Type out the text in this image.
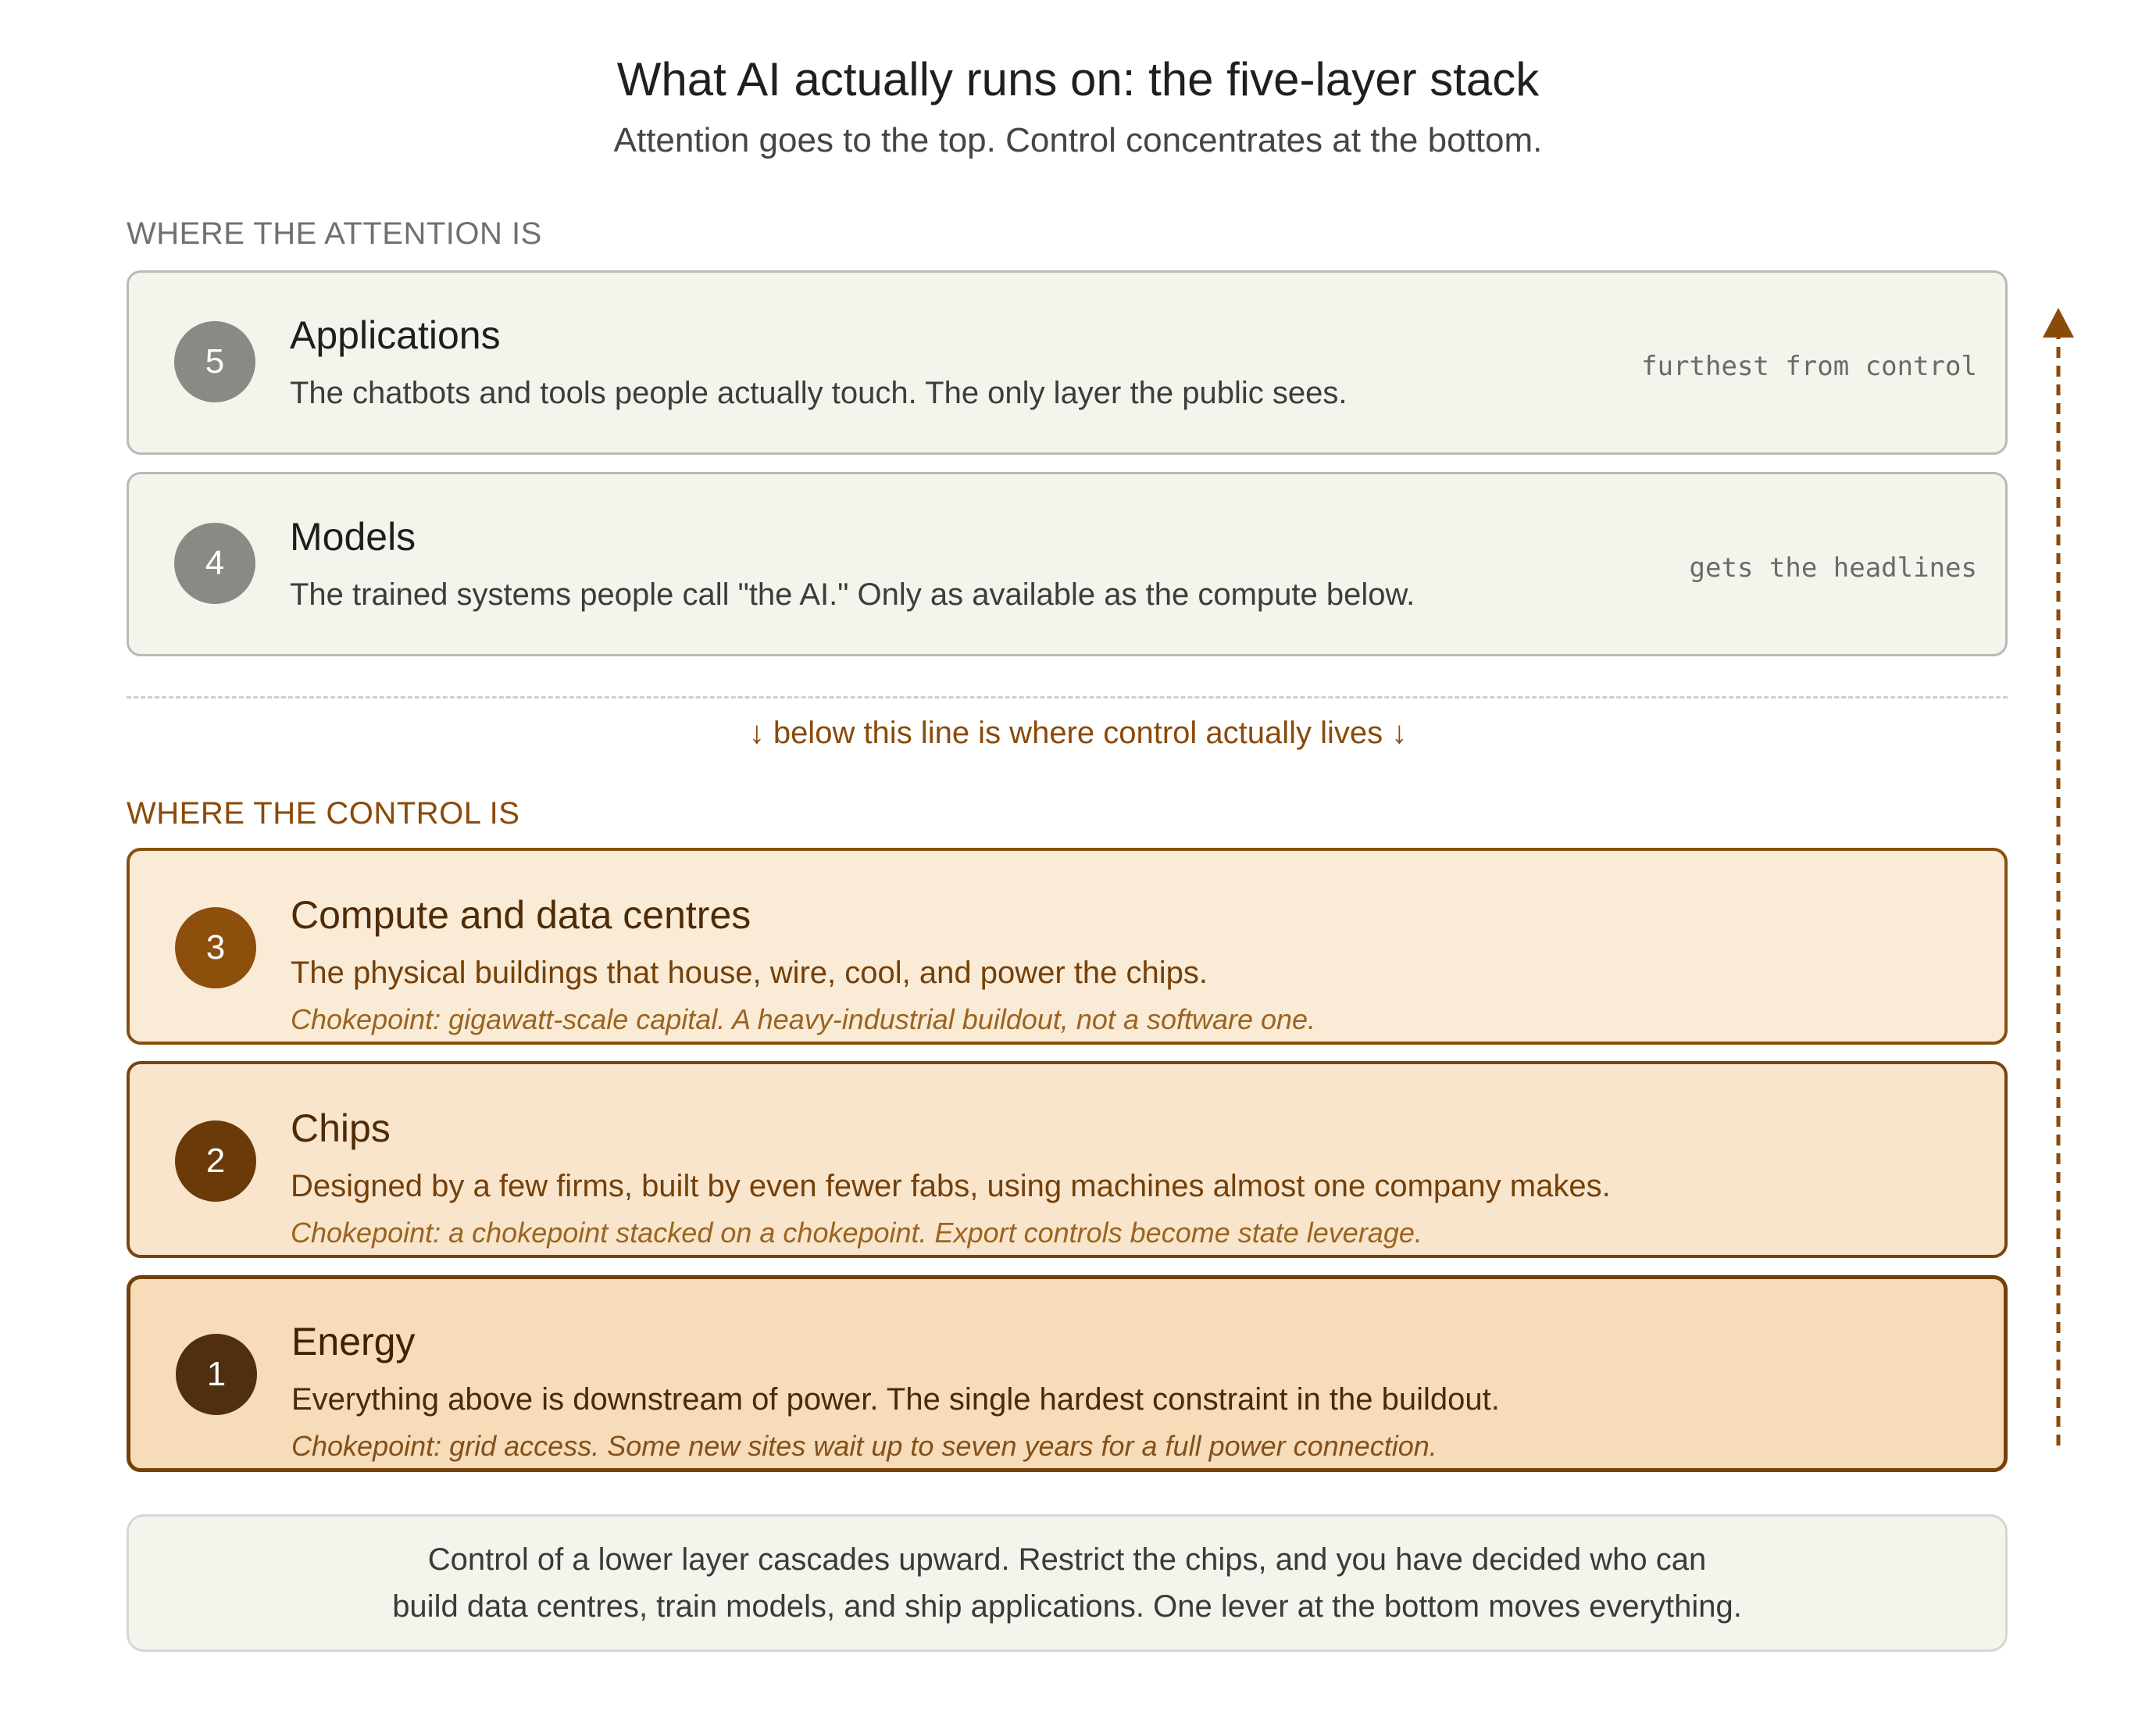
What AI actually runs on: the five-layer stack
Attention goes to the top. Control concentrates at the bottom.
WHERE THE ATTENTION IS
5
Applications
The chatbots and tools people actually touch. The only layer the public sees.
furthest from control
4
Models
The trained systems people call "the AI." Only as available as the compute below.
gets the headlines
↓ below this line is where control actually lives ↓
WHERE THE CONTROL IS
3
Compute and data centres
The physical buildings that house, wire, cool, and power the chips.
Chokepoint: gigawatt-scale capital. A heavy-industrial buildout, not a software one.
2
Chips
Designed by a few firms, built by even fewer fabs, using machines almost one company makes.
Chokepoint: a chokepoint stacked on a chokepoint. Export controls become state leverage.
1
Energy
Everything above is downstream of power. The single hardest constraint in the buildout.
Chokepoint: grid access. Some new sites wait up to seven years for a full power connection.
Control of a lower layer cascades upward. Restrict the chips, and you have decided who can
build data centres, train models, and ship applications. One lever at the bottom moves everything.
